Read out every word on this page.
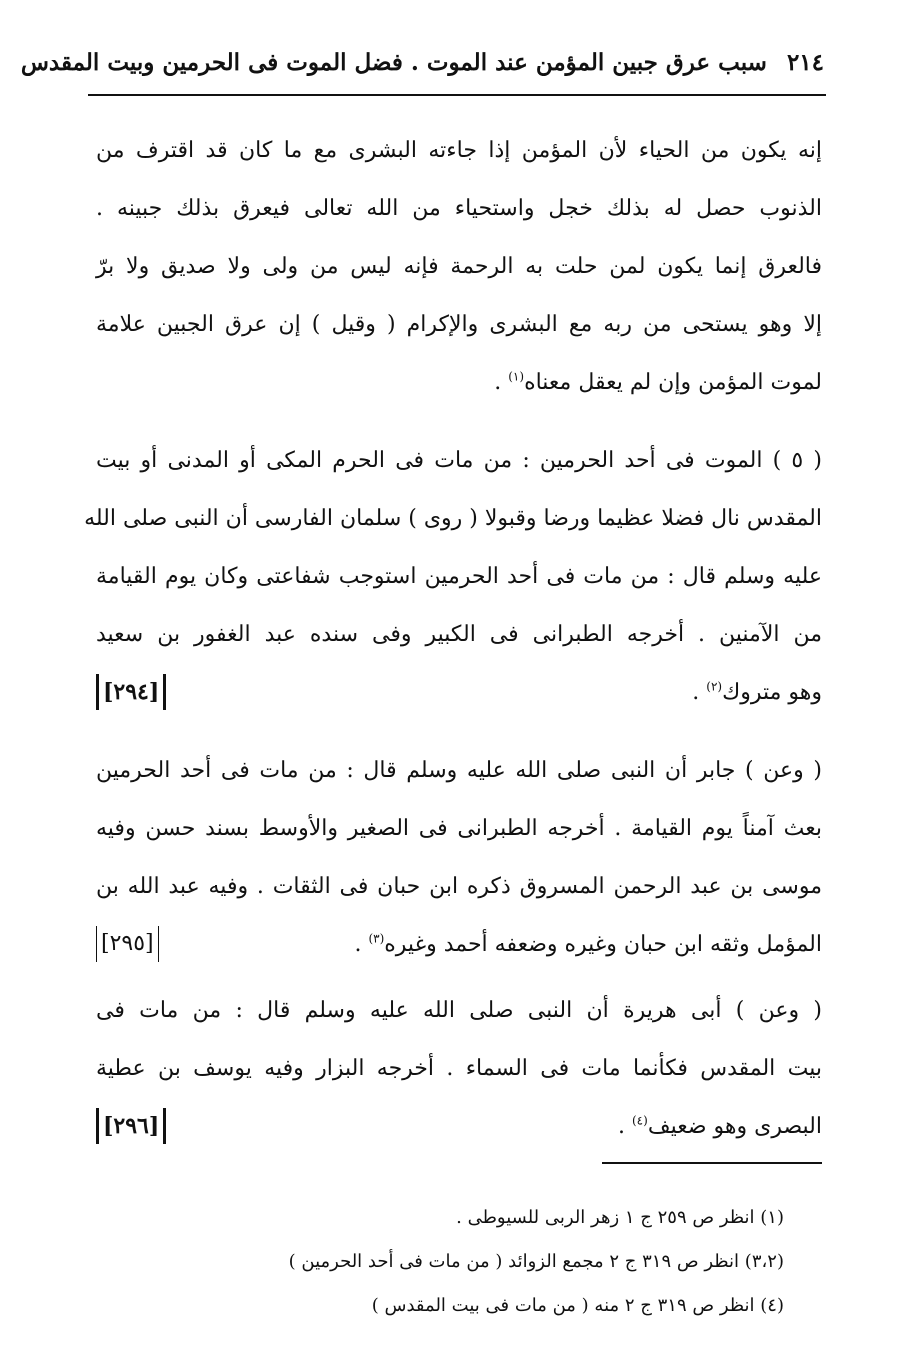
٢١٤
سبب عرق جبين المؤمن عند الموت . فضل الموت فى الحرمين وبيت المقدس
إنه يكون من الحياء لأن المؤمن إذا جاءته البشرى مع ما كان قد اقترف من
الذنوب حصل له بذلك خجل واستحياء من الله تعالى فيعرق بذلك جبينه .
فالعرق إنما يكون لمن حلت به الرحمة فإنه ليس من ولى ولا صديق ولا برّ
إلا وهو يستحى من ربه مع البشرى والإكرام ( وقيل ) إن عرق الجبين علامة
لموت المؤمن وإن لم يعقل معناه$^{(١)}$ .
( ٥ ) الموت فى أحد الحرمين : من مات فى الحرم المكى أو المدنى أو بيت
المقدس نال فضلا عظيما ورضا وقبولا ( روى ) سلمان الفارسى أن النبى صلى الله
عليه وسلم قال : من مات فى أحد الحرمين استوجب شفاعتى وكان يوم القيامة
من الآمنين . أخرجه الطبرانى فى الكبير وفى سنده عبد الغفور بن سعيد
وهو متروك$^{(٢)}$ .
[٢٩٤]
( وعن ) جابر أن النبى صلى الله عليه وسلم قال : من مات فى أحد الحرمين
بعث آمناً يوم القيامة . أخرجه الطبرانى فى الصغير والأوسط بسند حسن وفيه
موسى بن عبد الرحمن المسروق ذكره ابن حبان فى الثقات . وفيه عبد الله بن
المؤمل وثقه ابن حبان وغيره وضعفه أحمد وغيره$^{(٣)}$ .
[٢٩٥]
( وعن ) أبى هريرة أن النبى صلى الله عليه وسلم قال : من مات فى
بيت المقدس فكأنما مات فى السماء . أخرجه البزار وفيه يوسف بن عطية
البصرى وهو ضعيف$^{(٤)}$ .
[٢٩٦]
(١) انظر ص ٢٥٩ ج ١ زهر الربى للسيوطى .
(٣،٢) انظر ص ٣١٩ ج ٢ مجمع الزوائد ( من مات فى أحد الحرمين )
(٤) انظر ص ٣١٩ ج ٢ منه ( من مات فى بيت المقدس )
